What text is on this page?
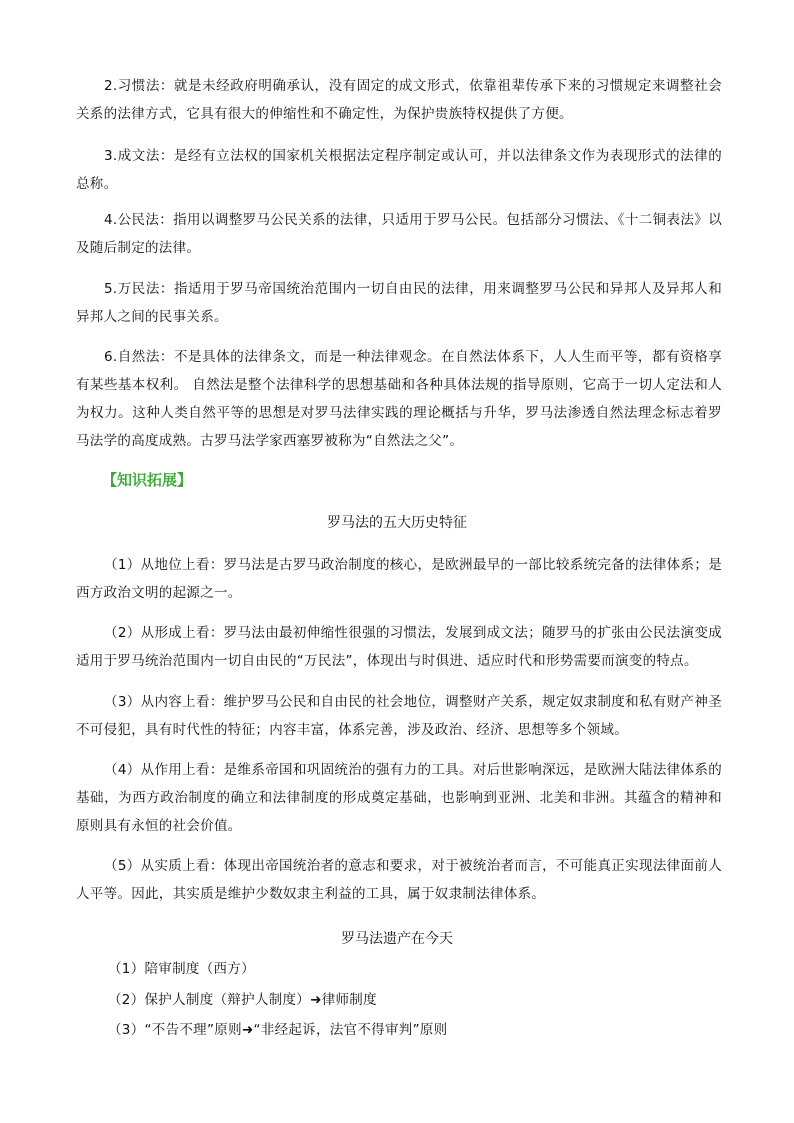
2.习惯法：就是未经政府明确承认，没有固定的成文形式，依靠祖辈传承下来的习惯规定来调整社会关系的法律方式，它具有很大的伸缩性和不确定性，为保护贵族特权提供了方便。

3.成文法：是经有立法权的国家机关根据法定程序制定或认可，并以法律条文作为表现形式的法律的总称。

4.公民法：指用以调整罗马公民关系的法律，只适用于罗马公民。包括部分习惯法、《十二铜表法》以及随后制定的法律。

5.万民法：指适用于罗马帝国统治范围内一切自由民的法律，用来调整罗马公民和异邦人及异邦人和异邦人之间的民事关系。

6.自然法：不是具体的法律条文，而是一种法律观念。在自然法体系下，人人生而平等，都有资格享有某些基本权利。 自然法是整个法律科学的思想基础和各种具体法规的指导原则，它高于一切人定法和人为权力。这种人类自然平等的思想是对罗马法律实践的理论概括与升华，罗马法渗透自然法理念标志着罗马法学的高度成熟。古罗马法学家西塞罗被称为“自然法之父”。

【知识拓展】

罗马法的五大历史特征

（1）从地位上看：罗马法是古罗马政治制度的核心，是欧洲最早的一部比较系统完备的法律体系；是西方政治文明的起源之一。

（2）从形成上看：罗马法由最初伸缩性很强的习惯法，发展到成文法；随罗马的扩张由公民法演变成适用于罗马统治范围内一切自由民的“万民法”，体现出与时俱进、适应时代和形势需要而演变的特点。

（3）从内容上看：维护罗马公民和自由民的社会地位，调整财产关系，规定奴隶制度和私有财产神圣不可侵犯，具有时代性的特征；内容丰富，体系完善，涉及政治、经济、思想等多个领域。

（4）从作用上看：是维系帝国和巩固统治的强有力的工具。对后世影响深远，是欧洲大陆法律体系的基础，为西方政治制度的确立和法律制度的形成奠定基础，也影响到亚洲、北美和非洲。其蕴含的精神和原则具有永恒的社会价值。

（5）从实质上看：体现出帝国统治者的意志和要求，对于被统治者而言，不可能真正实现法律面前人人平等。因此，其实质是维护少数奴隶主利益的工具，属于奴隶制法律体系。

罗马法遗产在今天

（1）陪审制度（西方）

（2）保护人制度（辩护人制度）➜律师制度

（3）“不告不理”原则➜“非经起诉，法官不得审判”原则
